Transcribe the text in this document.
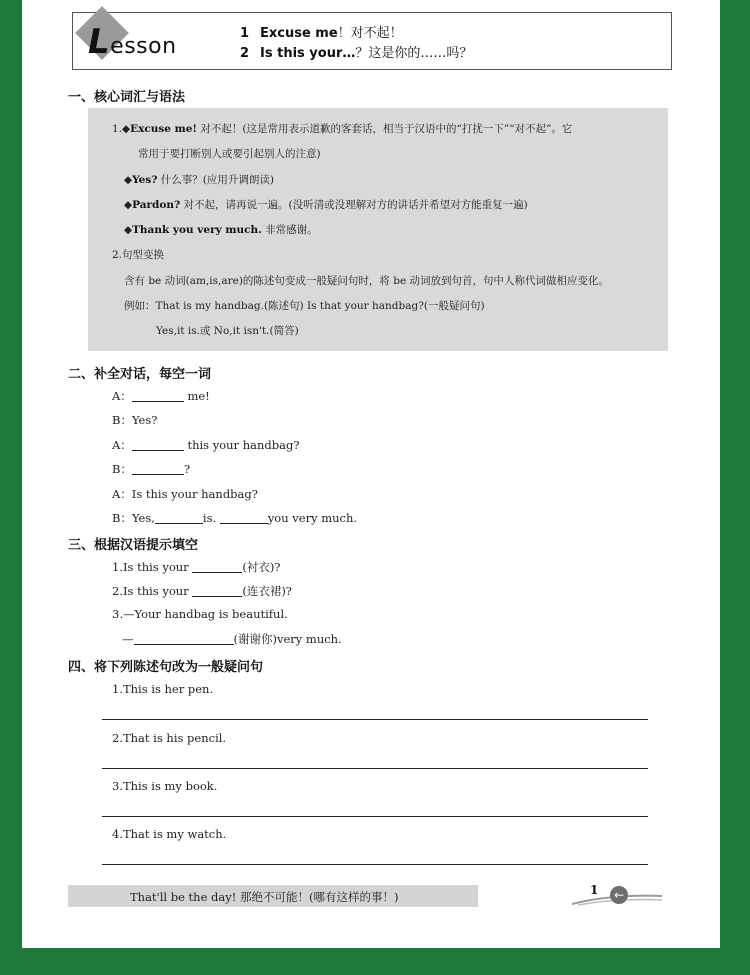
Lesson
1 Excuse me！对不起！
2 Is this your…？这是你的……吗？
一、核心词汇与语法
1.◆Excuse me! 对不起！(这是常用表示道歉的客套话，相当于汉语中的“打扰一下”“对不起”。它
常用于要打断别人或要引起别人的注意)
◆Yes? 什么事？(应用升调朗读)
◆Pardon? 对不起，请再说一遍。(没听清或没理解对方的讲话并希望对方能重复一遍)
◆Thank you very much. 非常感谢。
2.句型变换
含有 be 动词(am,is,are)的陈述句变成一般疑问句时，将 be 动词放到句首，句中人称代词做相应变化。
例如：That is my handbag.(陈述句) Is that your handbag?(一般疑问句)
Yes,it is.或 No,it isn't.(简答)
二、补全对话，每空一词
A：	me!
B：Yes?
A：	this your handbag?
B：	?
A：Is this your handbag?
B：Yes,	is.	you very much.
三、根据汉语提示填空
1.Is this your	(衬衣)?
2.Is this your	(连衣裙)?
3.—Your handbag is beautiful.
—	(谢谢你)very much.
四、将下列陈述句改为一般疑问句
1.This is her pen.
2.That is his pencil.
3.This is my book.
4.That is my watch.
That'll be the day! 那绝不可能！(哪有这样的事！)	1	←
